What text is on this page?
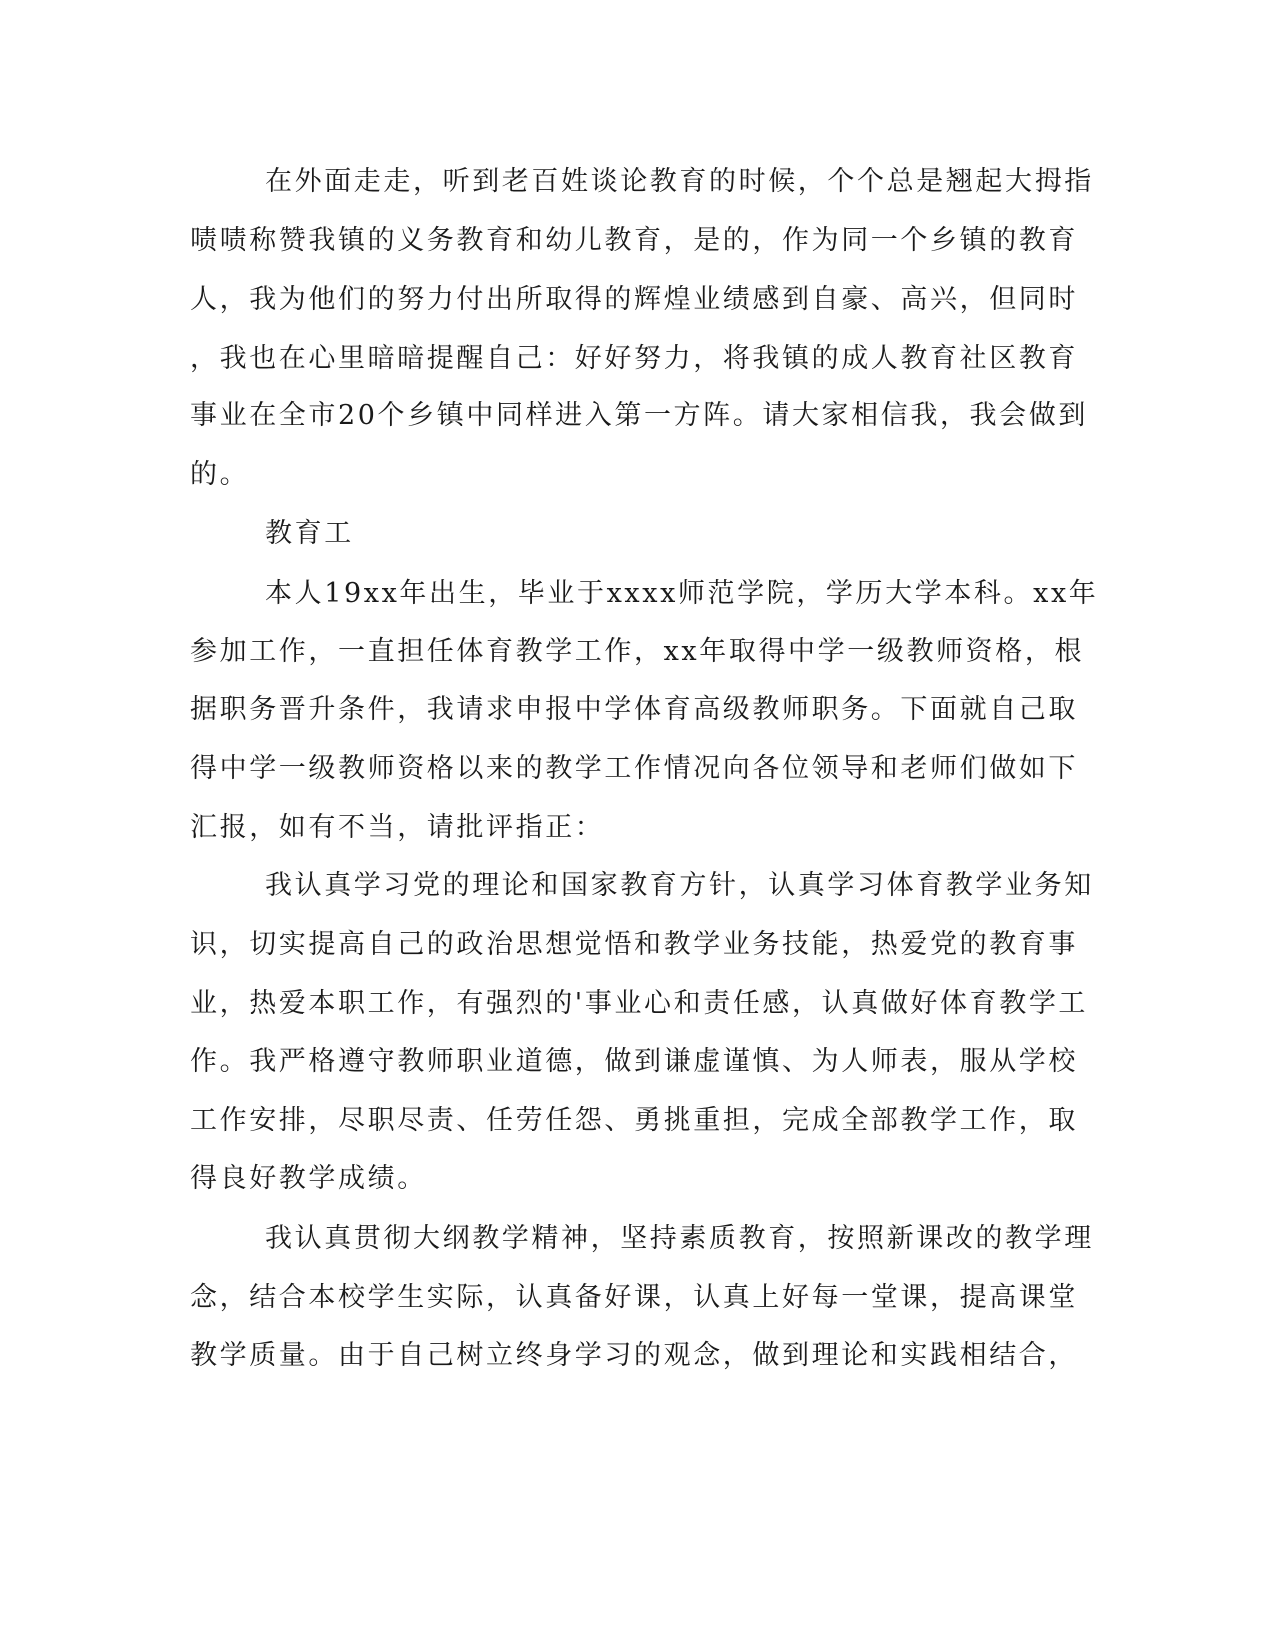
在外面走走，听到老百姓谈论教育的时候，个个总是翘起大拇指

啧啧称赞我镇的义务教育和幼儿教育，是的，作为同一个乡镇的教育

人，我为他们的努力付出所取得的辉煌业绩感到自豪、高兴，但同时

，我也在心里暗暗提醒自己：好好努力，将我镇的成人教育社区教育

事业在全市20个乡镇中同样进入第一方阵。请大家相信我，我会做到

的。

教育工

本人19xx年出生，毕业于xxxx师范学院，学历大学本科。xx年

参加工作，一直担任体育教学工作，xx年取得中学一级教师资格，根

据职务晋升条件，我请求申报中学体育高级教师职务。下面就自己取

得中学一级教师资格以来的教学工作情况向各位领导和老师们做如下

汇报，如有不当，请批评指正：

我认真学习党的理论和国家教育方针，认真学习体育教学业务知

识，切实提高自己的政治思想觉悟和教学业务技能，热爱党的教育事

业，热爱本职工作，有强烈的'事业心和责任感，认真做好体育教学工

作。我严格遵守教师职业道德，做到谦虚谨慎、为人师表，服从学校

工作安排，尽职尽责、任劳任怨、勇挑重担，完成全部教学工作，取

得良好教学成绩。

我认真贯彻大纲教学精神，坚持素质教育，按照新课改的教学理

念，结合本校学生实际，认真备好课，认真上好每一堂课，提高课堂

教学质量。由于自己树立终身学习的观念，做到理论和实践相结合，
